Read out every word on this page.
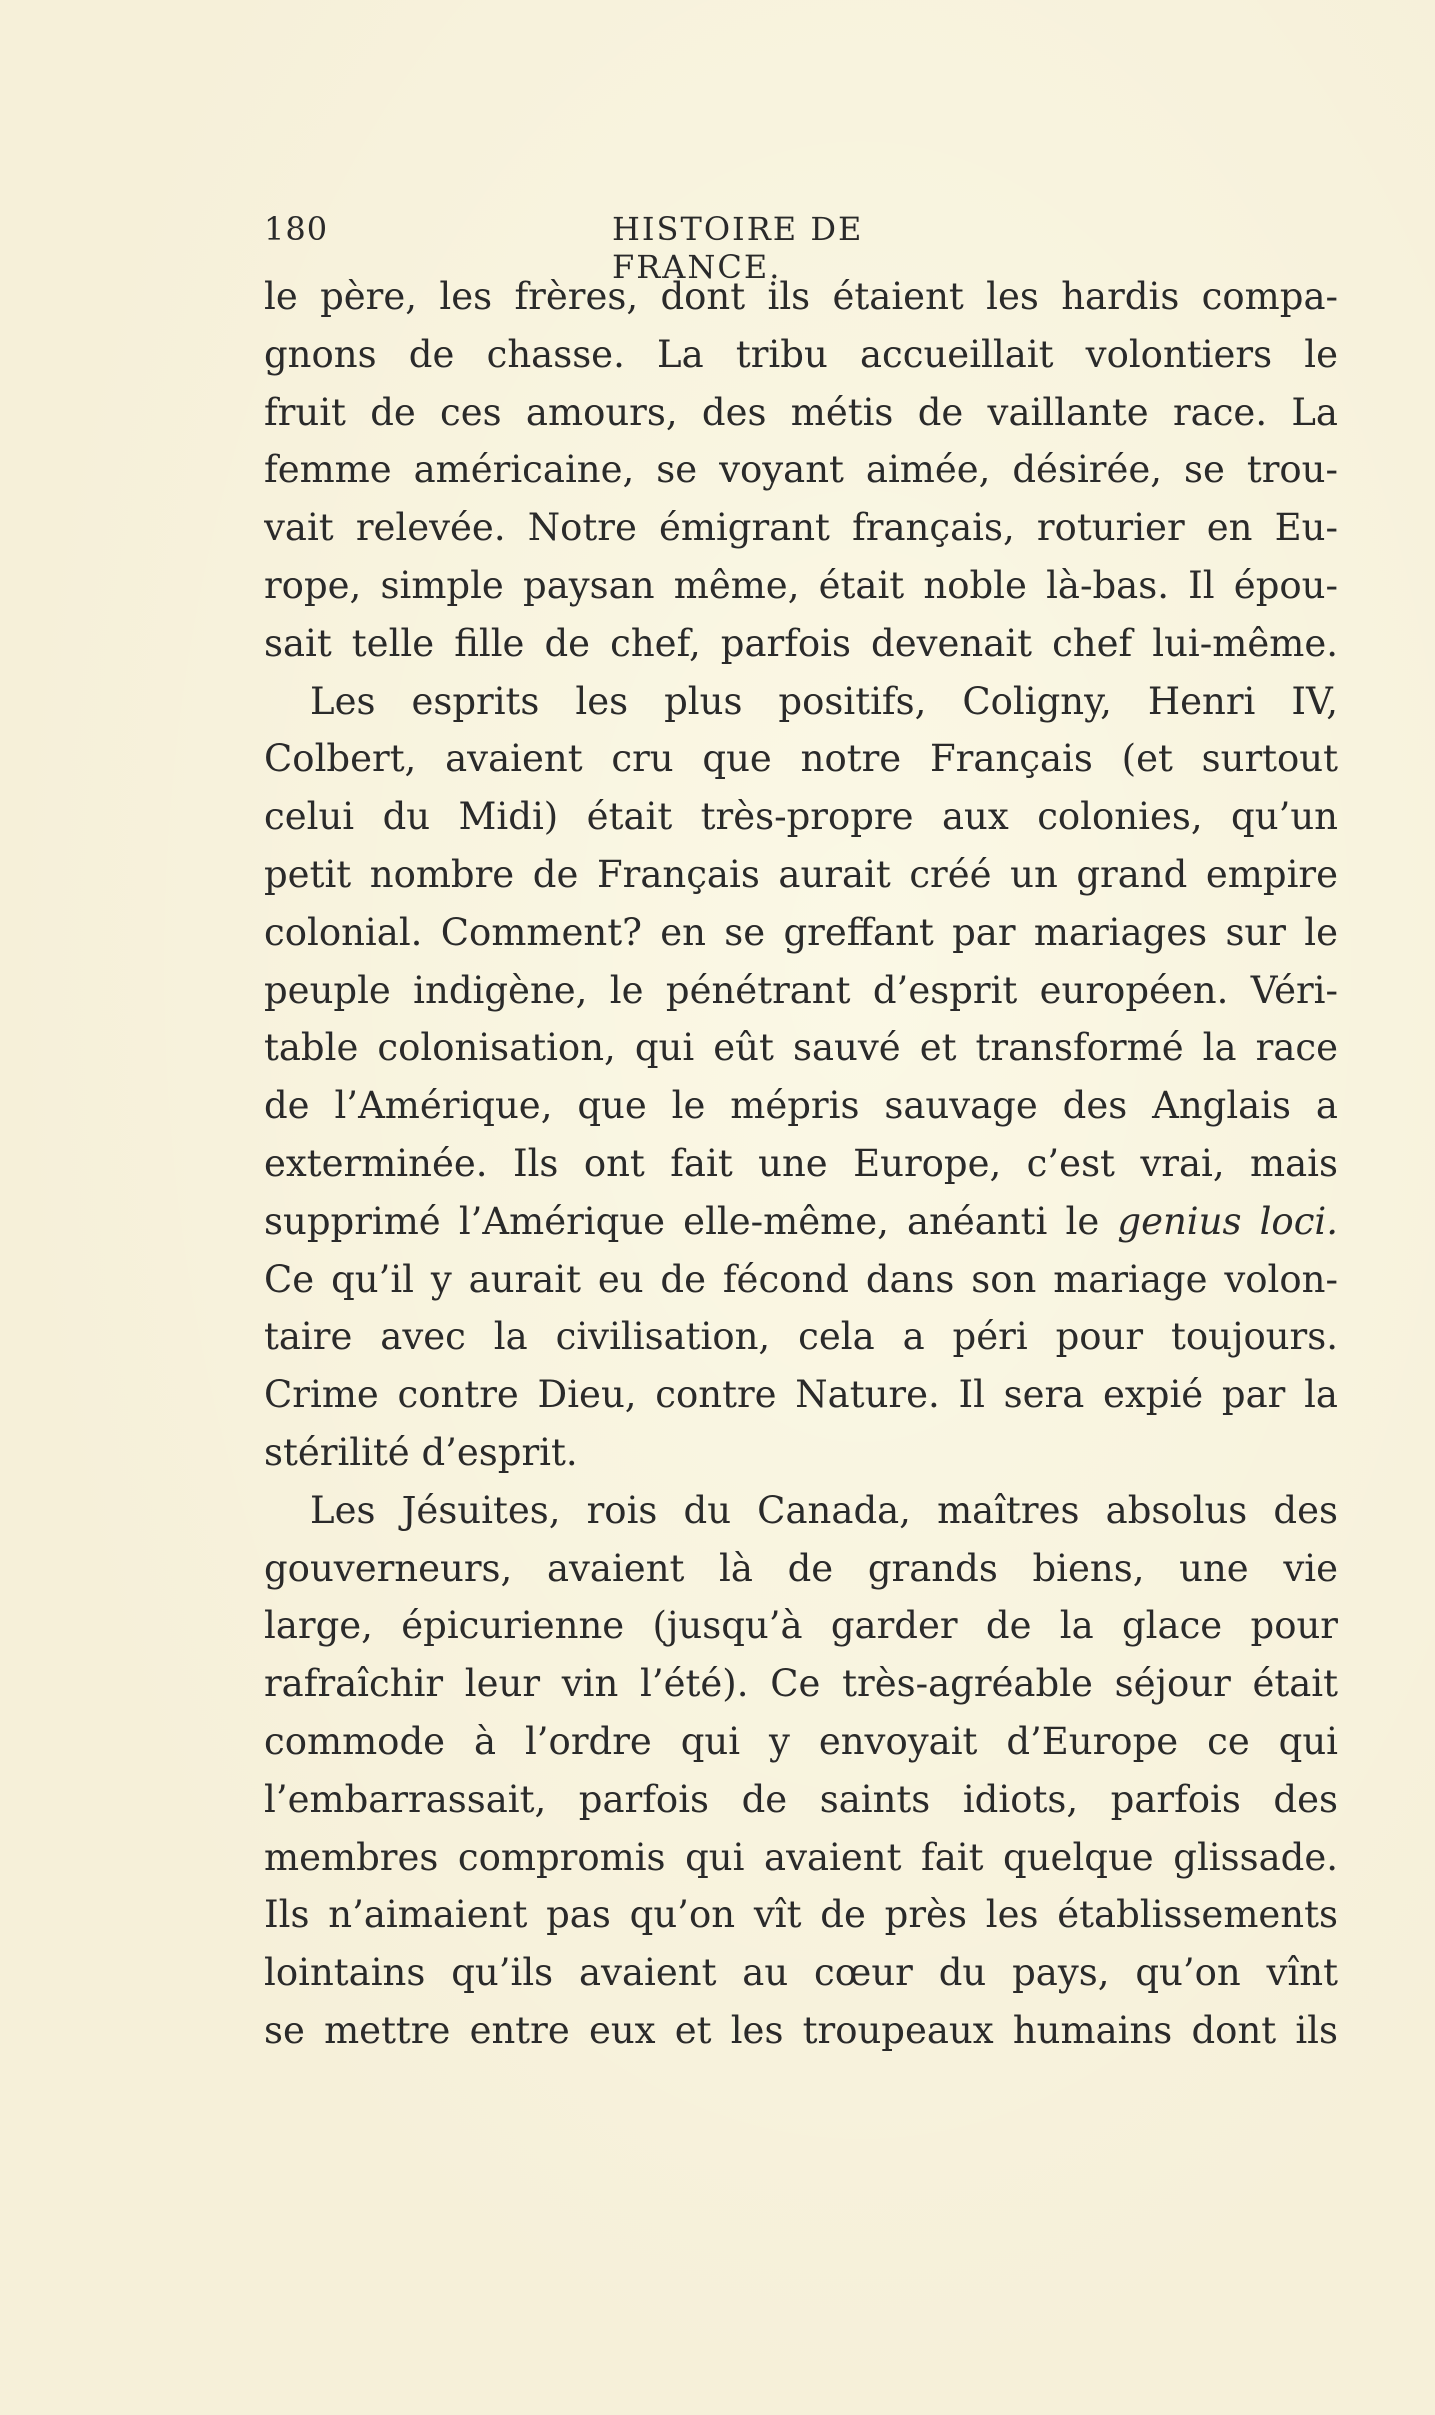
180	HISTOIRE DE FRANCE.
le père, les frères, dont ils étaient les hardis compa-
gnons de chasse. La tribu accueillait volontiers le
fruit de ces amours, des métis de vaillante race. La
femme américaine, se voyant aimée, désirée, se trou-
vait relevée. Notre émigrant français, roturier en Eu-
rope, simple paysan même, était noble là-bas. Il épou-
sait telle fille de chef, parfois devenait chef lui-même.
Les esprits les plus positifs, Coligny, Henri IV,
Colbert, avaient cru que notre Français (et surtout
celui du Midi) était très-propre aux colonies, qu’un
petit nombre de Français aurait créé un grand empire
colonial. Comment? en se greffant par mariages sur le
peuple indigène, le pénétrant d’esprit européen. Véri-
table colonisation, qui eût sauvé et transformé la race
de l’Amérique, que le mépris sauvage des Anglais a
exterminée. Ils ont fait une Europe, c’est vrai, mais
supprimé l’Amérique elle-même, anéanti le genius loci.
Ce qu’il y aurait eu de fécond dans son mariage volon-
taire avec la civilisation, cela a péri pour toujours.
Crime contre Dieu, contre Nature. Il sera expié par la
stérilité d’esprit.
Les Jésuites, rois du Canada, maîtres absolus des
gouverneurs, avaient là de grands biens, une vie
large, épicurienne (jusqu’à garder de la glace pour
rafraîchir leur vin l’été). Ce très-agréable séjour était
commode à l’ordre qui y envoyait d’Europe ce qui
l’embarrassait, parfois de saints idiots, parfois des
membres compromis qui avaient fait quelque glissade.
Ils n’aimaient pas qu’on vît de près les établissements
lointains qu’ils avaient au cœur du pays, qu’on vînt
se mettre entre eux et les troupeaux humains dont ils
